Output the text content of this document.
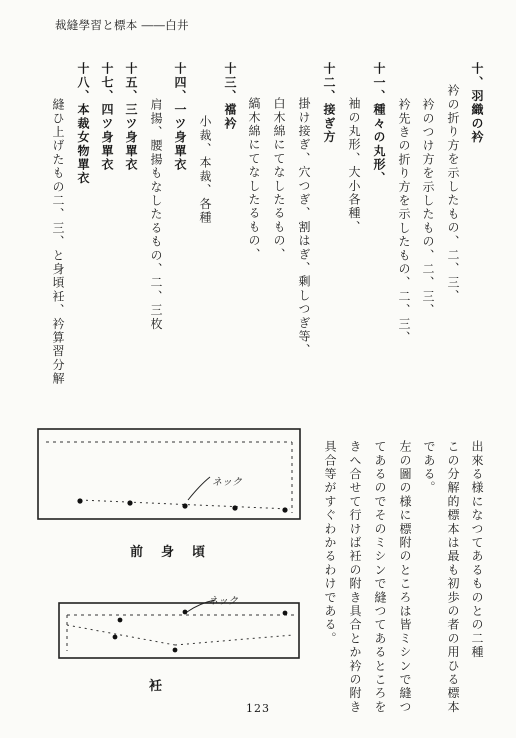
裁縫學習と標本 ――白井
十、羽織の衿
衿の折り方を示したもの、二、三、
衿のつけ方を示したもの、二、三、
衿先きの折り方を示したもの、二、三、
十一、種々の丸形、
袖の丸形、大小各種、
十二、接ぎ方
掛け接ぎ、穴つぎ、割はぎ、剰しつぎ等、
白木綿にてなしたるもの、
縞木綿にてなしたるもの、
十三、襠衿
小裁、本裁、各種
十四、一ツ身單衣
肩揚、腰揚もなしたるもの、二、三枚
十五、三ツ身單衣
十七、四ツ身單衣
十八、本裁女物單衣
縫ひ上げたもの二、三、と身頃衽、衿算習分解
出來る様になつてあるものとの二種
この分解的標本は最も初歩の者の用ひる標本
である。
左の圖の様に標附のところは皆ミシンで縫つ
てあるのでそのミシンで縫つてあるところを
きへ合せて行けば衽の附き具合とか衿の附き
具合等がすぐわかるわけである。
ネック
前身頃
ネック
衽
123
